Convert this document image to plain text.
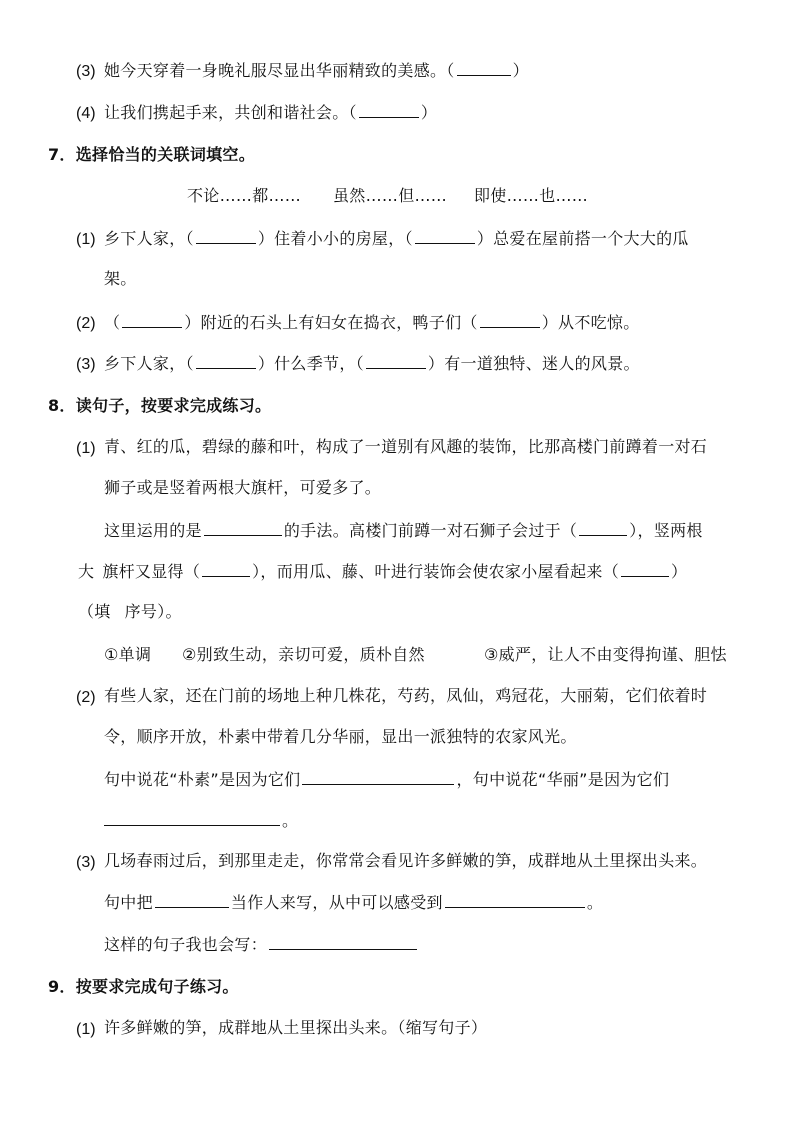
(3) 她今天穿着一身晚礼服尽显出华丽精致的美感。（	）
(4) 让我们携起手来，共创和谐社会。（	）
7．选择恰当的关联词填空。
不论……都…… 虽然……但…… 即使……也……
(1) 乡下人家，（	）住着小小的房屋，（	）总爱在屋前搭一个大大的瓜
架。
(2) （	）附近的石头上有妇女在捣衣，鸭子们（	）从不吃惊。
(3) 乡下人家，（	）什么季节，（	）有一道独特、迷人的风景。
8．读句子，按要求完成练习。
(1) 青、红的瓜，碧绿的藤和叶，构成了一道别有风趣的装饰，比那高楼门前蹲着一对石
狮子或是竖着两根大旗杆，可爱多了。
这里运用的是	的手法。高楼门前蹲一对石狮子会过于（	），竖两根
大 旗杆又显得（	），而用瓜、藤、叶进行装饰会使农家小屋看起来（	）
（填 序号）。
①单调 ②别致生动，亲切可爱，质朴自然	③威严，让人不由变得拘谨、胆怯
(2) 有些人家，还在门前的场地上种几株花，芍药，凤仙，鸡冠花，大丽菊，它们依着时
令，顺序开放，朴素中带着几分华丽，显出一派独特的农家风光。
句中说花“朴素”是因为它们	，句中说花“华丽”是因为它们
。
(3) 几场春雨过后，到那里走走，你常常会看见许多鲜嫩的笋，成群地从土里探出头来。
句中把	当作人来写，从中可以感受到	。
这样的句子我也会写：
9．按要求完成句子练习。
(1) 许多鲜嫩的笋，成群地从土里探出头来。（缩写句子）
